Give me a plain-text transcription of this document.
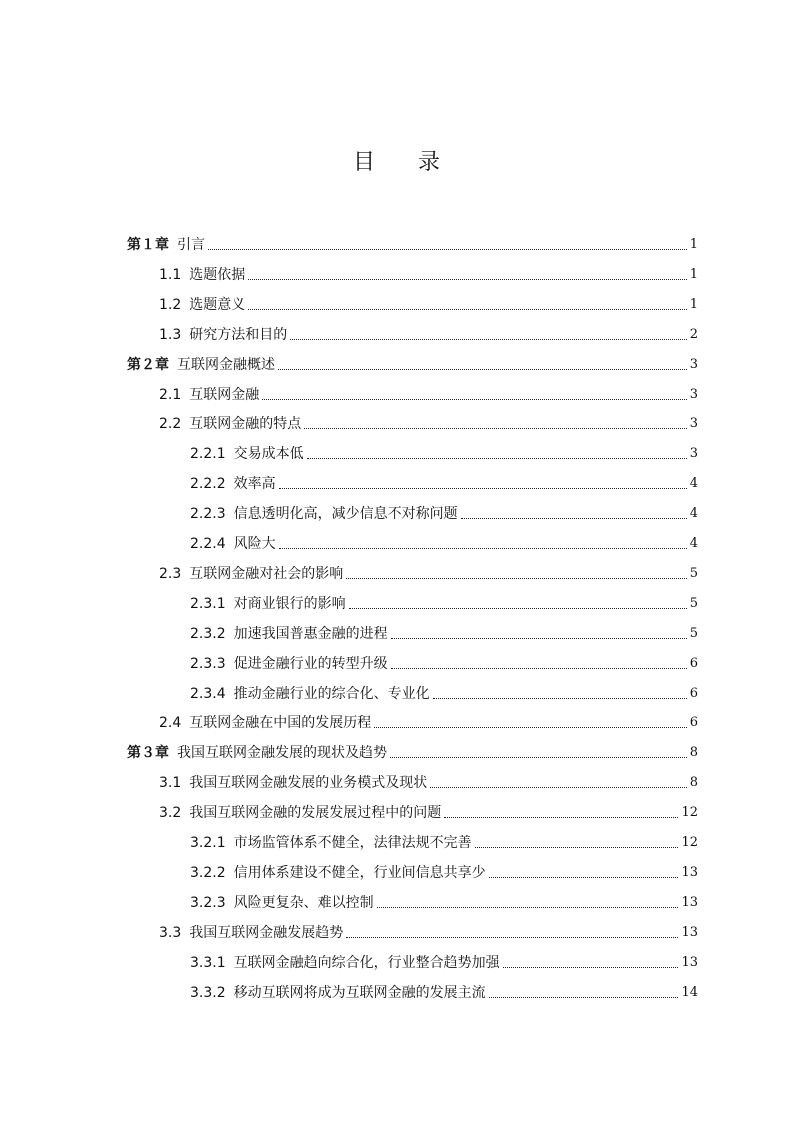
目 录
第１章 引言	1
1.1 选题依据	1
1.2 选题意义	1
1.3 研究方法和目的	2
第２章 互联网金融概述	3
2.1 互联网金融	3
2.2 互联网金融的特点	3
2.2.1 交易成本低	3
2.2.2 效率高	4
2.2.3 信息透明化高，减少信息不对称问题	4
2.2.4 风险大	4
2.3 互联网金融对社会的影响	5
2.3.1 对商业银行的影响	5
2.3.2 加速我国普惠金融的进程	5
2.3.3 促进金融行业的转型升级	6
2.3.4 推动金融行业的综合化、专业化	6
2.4 互联网金融在中国的发展历程	6
第３章 我国互联网金融发展的现状及趋势	8
3.1 我国互联网金融发展的业务模式及现状	8
3.2 我国互联网金融的发展发展过程中的问题	12
3.2.1 市场监管体系不健全，法律法规不完善	12
3.2.2 信用体系建设不健全，行业间信息共享少	13
3.2.3 风险更复杂、难以控制	13
3.3 我国互联网金融发展趋势	13
3.3.1 互联网金融趋向综合化，行业整合趋势加强	13
3.3.2 移动互联网将成为互联网金融的发展主流	14
